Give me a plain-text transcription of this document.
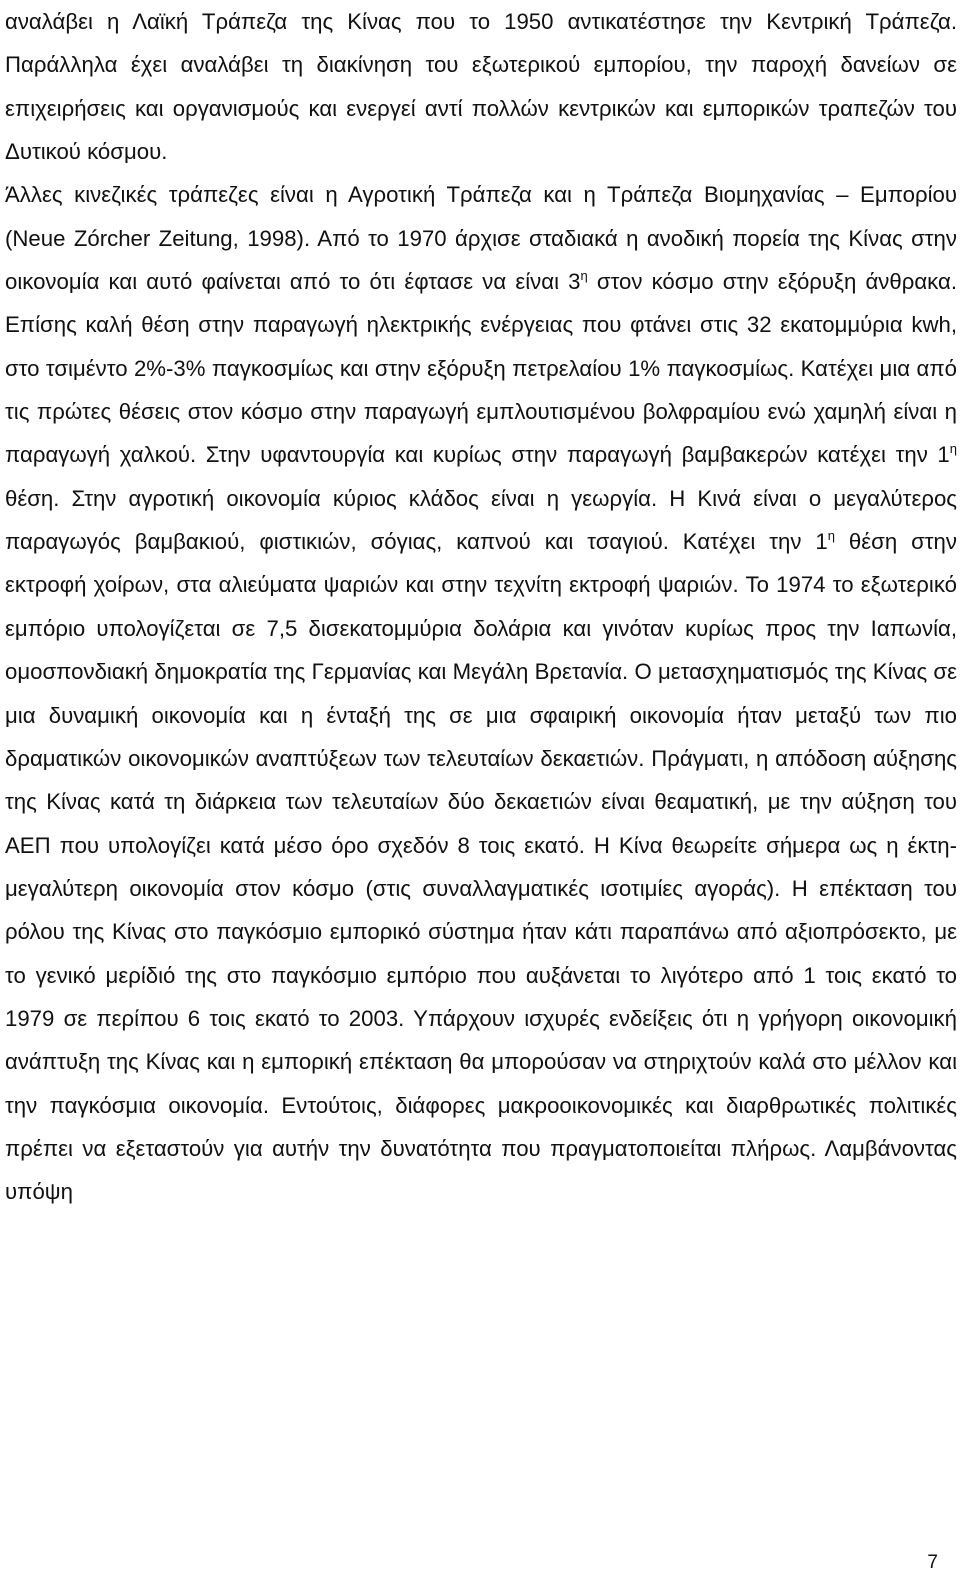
αναλάβει η Λαϊκή Τράπεζα της Κίνας που το 1950 αντικατέστησε την Κεντρική Τράπεζα. Παράλληλα έχει αναλάβει τη διακίνηση του εξωτερικού εμπορίου, την παροχή δανείων σε επιχειρήσεις και οργανισμούς και ενεργεί αντί πολλών κεντρικών και εμπορικών τραπεζών του Δυτικού κόσμου.

Άλλες κινεζικές τράπεζες είναι η Αγροτική Τράπεζα και η Τράπεζα Βιομηχανίας – Εμπορίου (Neue Zórcher Zeitung, 1998). Από το 1970 άρχισε σταδιακά η ανοδική πορεία της Κίνας στην οικονομία και αυτό φαίνεται από το ότι έφτασε να είναι $3^\eta$ στον κόσμο στην εξόρυξη άνθρακα. Επίσης καλή θέση στην παραγωγή ηλεκτρικής ενέργειας που φτάνει στις 32 εκατομμύρια kwh, στο τσιμέντο 2%-3% παγκοσμίως και στην εξόρυξη πετρελαίου 1% παγκοσμίως. Κατέχει μια από τις πρώτες θέσεις στον κόσμο στην παραγωγή εμπλουτισμένου βολφραμίου ενώ χαμηλή είναι η παραγωγή χαλκού. Στην υφαντουργία και κυρίως στην παραγωγή βαμβακερών κατέχει την $1^\eta$ θέση. Στην αγροτική οικονομία κύριος κλάδος είναι η γεωργία. Η Κινά είναι ο μεγαλύτερος παραγωγός βαμβακιού, φιστικιών, σόγιας, καπνού και τσαγιού. Κατέχει την $1^\eta$ θέση στην εκτροφή χοίρων, στα αλιεύματα ψαριών και στην τεχνίτη εκτροφή ψαριών. Το 1974 το εξωτερικό εμπόριο υπολογίζεται σε 7,5 δισεκατομμύρια δολάρια και γινόταν κυρίως προς την Ιαπωνία, ομοσπονδιακή δημοκρατία της Γερμανίας και Μεγάλη Βρετανία. Ο μετασχηματισμός της Κίνας σε μια δυναμική οικονομία και η ένταξή της σε μια σφαιρική οικονομία ήταν μεταξύ των πιο δραματικών οικονομικών αναπτύξεων των τελευταίων δεκαετιών. Πράγματι, η απόδοση αύξησης της Κίνας κατά τη διάρκεια των τελευταίων δύο δεκαετιών είναι θεαματική, με την αύξηση του ΑΕΠ που υπολογίζει κατά μέσο όρο σχεδόν 8 τοις εκατό. Η Κίνα θεωρείτε σήμερα ως η έκτη-μεγαλύτερη οικονομία στον κόσμο (στις συναλλαγματικές ισοτιμίες αγοράς). Η επέκταση του ρόλου της Κίνας στο παγκόσμιο εμπορικό σύστημα ήταν κάτι παραπάνω από αξιοπρόσεκτο, με το γενικό μερίδιό της στο παγκόσμιο εμπόριο που αυξάνεται το λιγότερο από 1 τοις εκατό το 1979 σε περίπου 6 τοις εκατό το 2003. Υπάρχουν ισχυρές ενδείξεις ότι η γρήγορη οικονομική ανάπτυξη της Κίνας και η εμπορική επέκταση θα μπορούσαν να στηριχτούν καλά στο μέλλον και την παγκόσμια οικονομία. Εντούτοις, διάφορες μακροοικονομικές και διαρθρωτικές πολιτικές πρέπει να εξεταστούν για αυτήν την δυνατότητα που πραγματοποιείται πλήρως. Λαμβάνοντας υπόψη

7
